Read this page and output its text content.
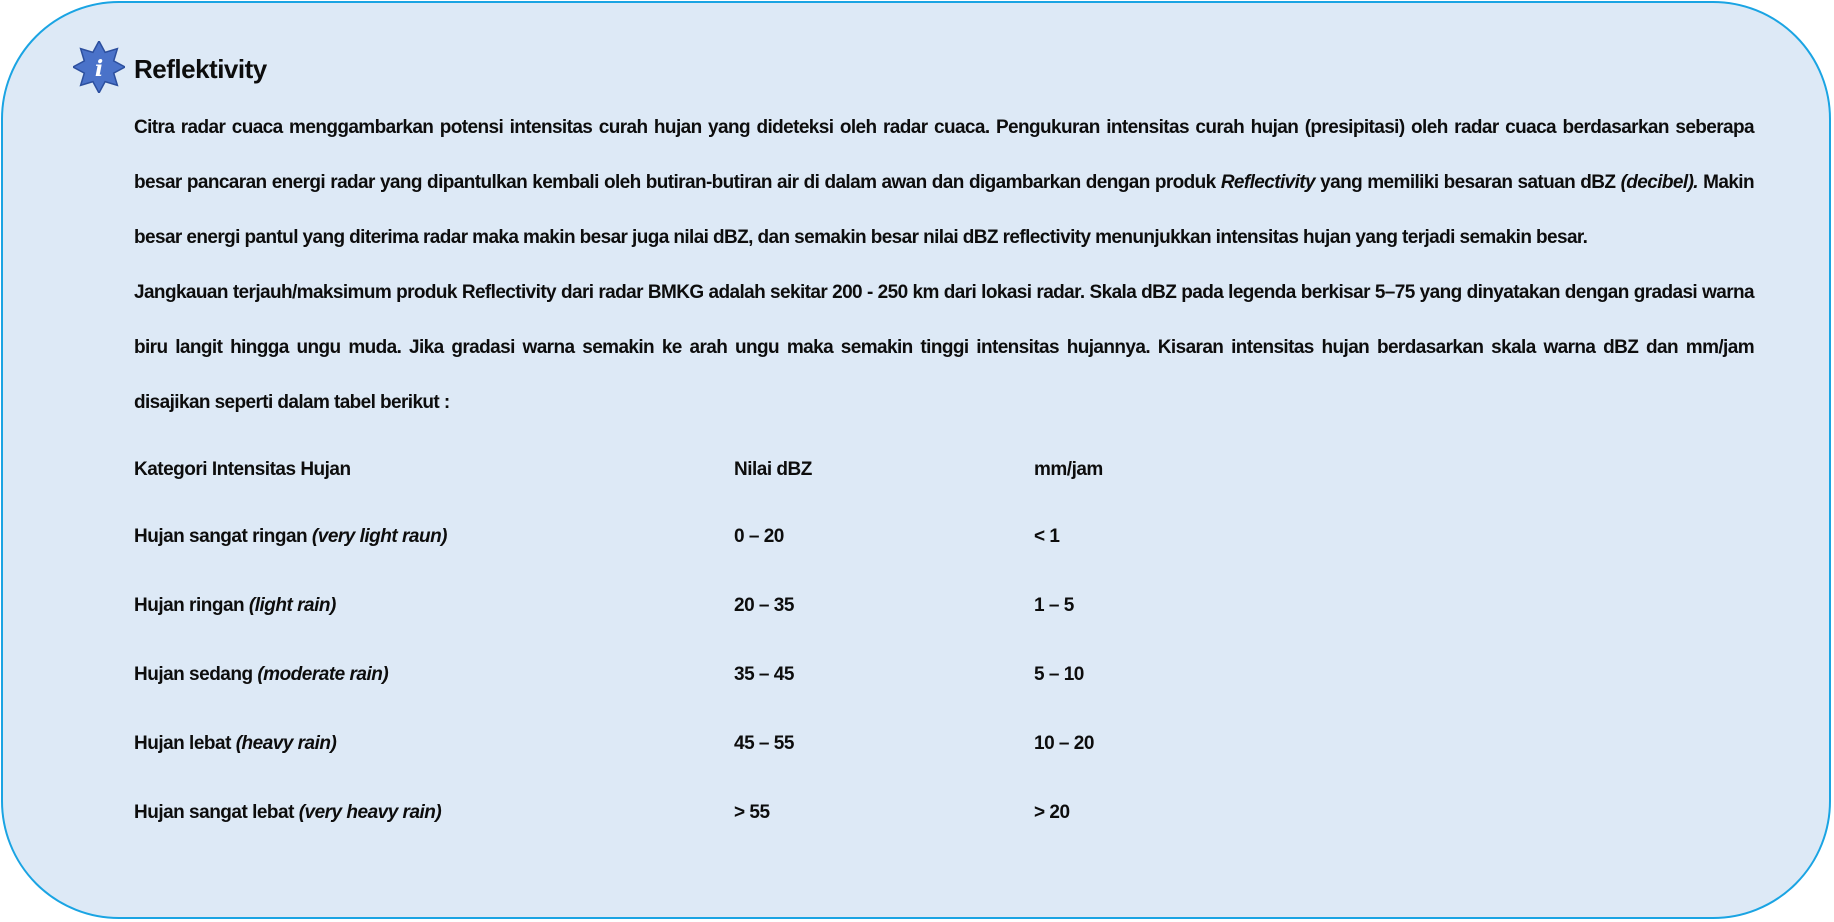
i Reflektivity

Citra radar cuaca menggambarkan potensi intensitas curah hujan yang dideteksi oleh radar cuaca. Pengukuran intensitas curah hujan (presipitasi) oleh radar cuaca berdasarkan seberapa besar pancaran energi radar yang dipantulkan kembali oleh butiran-butiran air di dalam awan dan digambarkan dengan produk Reflectivity yang memiliki besaran satuan dBZ (decibel). Makin besar energi pantul yang diterima radar maka makin besar juga nilai dBZ, dan semakin besar nilai dBZ reflectivity menunjukkan intensitas hujan yang terjadi semakin besar.

Jangkauan terjauh/maksimum produk Reflectivity dari radar BMKG adalah sekitar 200 - 250 km dari lokasi radar. Skala dBZ pada legenda berkisar 5–75 yang dinyatakan dengan gradasi warna biru langit hingga ungu muda. Jika gradasi warna semakin ke arah ungu maka semakin tinggi intensitas hujannya. Kisaran intensitas hujan berdasarkan skala warna dBZ dan mm/jam disajikan seperti dalam tabel berikut :

Kategori Intensitas Hujan	Nilai dBZ	mm/jam
Hujan sangat ringan (very light raun)	0 – 20	< 1
Hujan ringan (light rain)	20 – 35	1 – 5
Hujan sedang (moderate rain)	35 – 45	5 – 10
Hujan lebat (heavy rain)	45 – 55	10 – 20
Hujan sangat lebat (very heavy rain)	> 55	> 20
